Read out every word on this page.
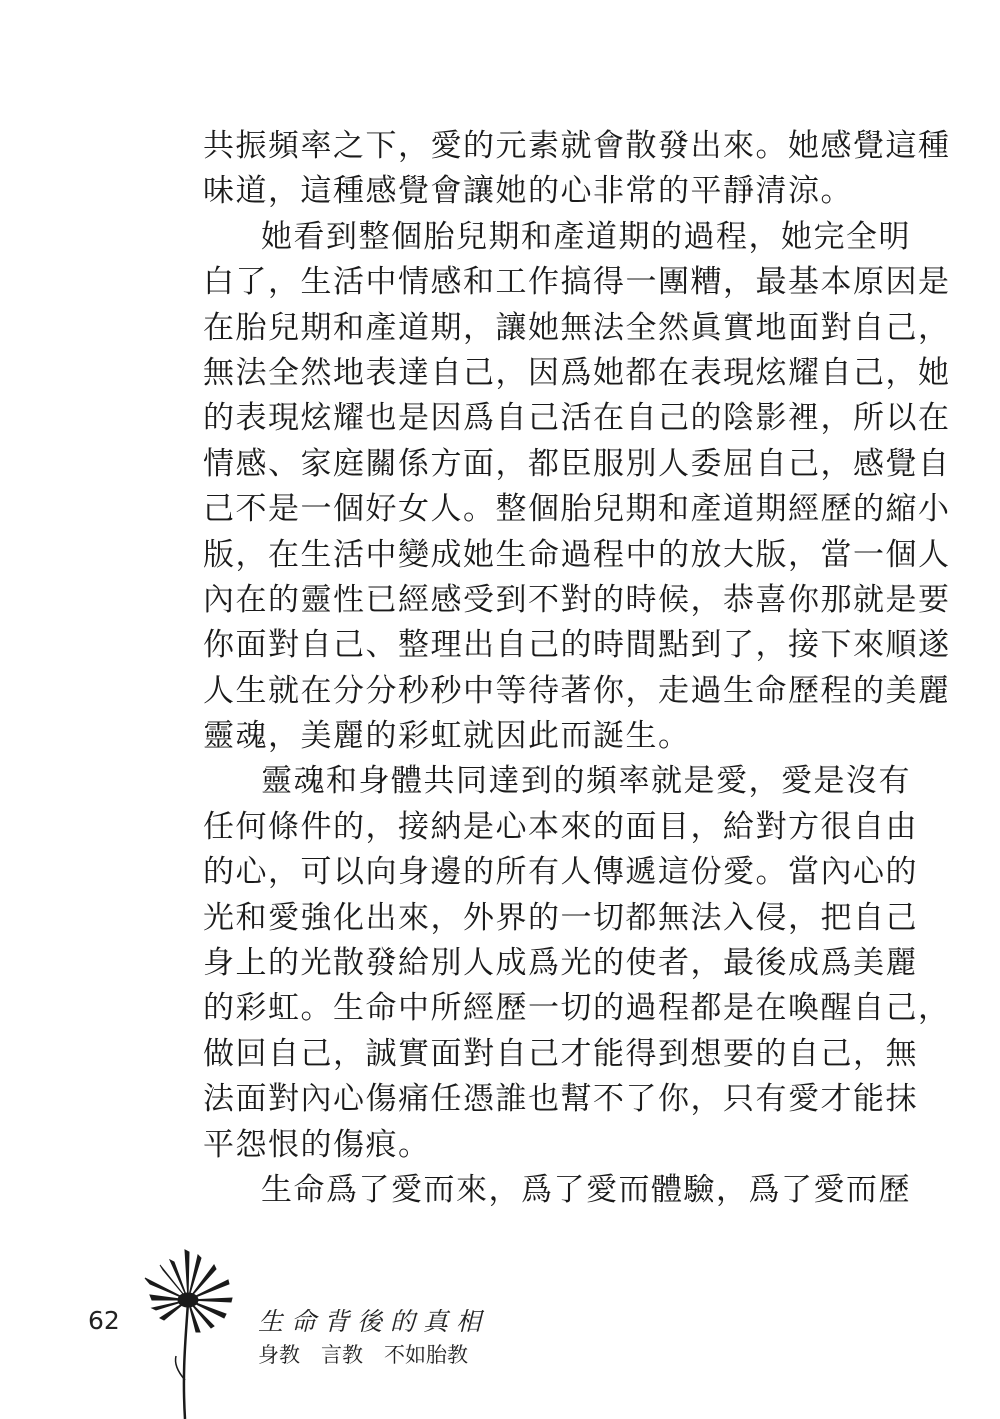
共振頻率之下，愛的元素就會散發出來。她感覺這種
味道，這種感覺會讓她的心非常的平靜清涼。
她看到整個胎兒期和產道期的過程，她完全明
白了，生活中情感和工作搞得一團糟，最基本原因是
在胎兒期和產道期，讓她無法全然眞實地面對自己，
無法全然地表達自己，因爲她都在表現炫耀自己，她
的表現炫耀也是因爲自己活在自己的陰影裡，所以在
情感、家庭關係方面，都臣服別人委屈自己，感覺自
己不是一個好女人。整個胎兒期和產道期經歷的縮小
版，在生活中變成她生命過程中的放大版，當一個人
內在的靈性已經感受到不對的時候，恭喜你那就是要
你面對自己、整理出自己的時間點到了，接下來順遂
人生就在分分秒秒中等待著你，走過生命歷程的美麗
靈魂，美麗的彩虹就因此而誕生。
靈魂和身體共同達到的頻率就是愛，愛是沒有
任何條件的，接納是心本來的面目，給對方很自由
的心，可以向身邊的所有人傳遞這份愛。當內心的
光和愛強化出來，外界的一切都無法入侵，把自己
身上的光散發給別人成爲光的使者，最後成爲美麗
的彩虹。生命中所經歷一切的過程都是在喚醒自己，
做回自己，誠實面對自己才能得到想要的自己，無
法面對內心傷痛任憑誰也幫不了你，只有愛才能抹
平怨恨的傷痕。
生命爲了愛而來，爲了愛而體驗，爲了愛而歷
62	生命背後的真相
身教　言教　不如胎教
